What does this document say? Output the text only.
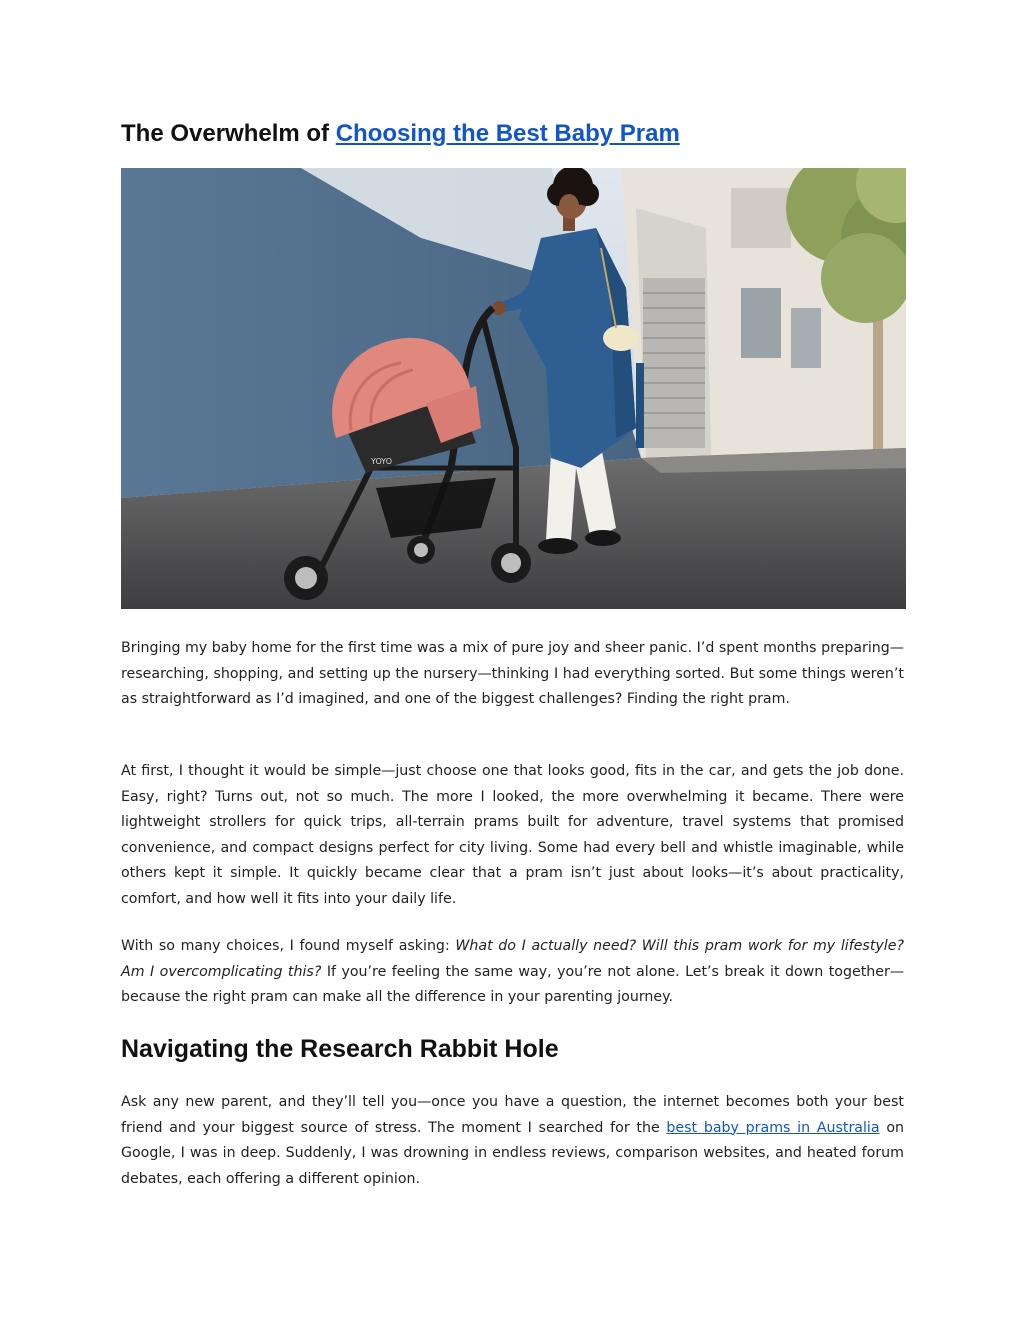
The Overwhelm of Choosing the Best Baby Pram
YOYO

Bringing my baby home for the first time was a mix of pure joy and sheer panic. I’d spent months preparing—researching, shopping, and setting up the nursery—thinking I had everything sorted. But some things weren’t as straightforward as I’d imagined, and one of the biggest challenges? Finding the right pram.

At first, I thought it would be simple—just choose one that looks good, fits in the car, and gets the job done. Easy, right? Turns out, not so much. The more I looked, the more overwhelming it became. There were lightweight strollers for quick trips, all-terrain prams built for adventure, travel systems that promised convenience, and compact designs perfect for city living. Some had every bell and whistle imaginable, while others kept it simple. It quickly became clear that a pram isn’t just about looks—it’s about practicality, comfort, and how well it fits into your daily life.

With so many choices, I found myself asking: What do I actually need? Will this pram work for my lifestyle? Am I overcomplicating this? If you’re feeling the same way, you’re not alone. Let’s break it down together—because the right pram can make all the difference in your parenting journey.

Navigating the Research Rabbit Hole

Ask any new parent, and they’ll tell you—once you have a question, the internet becomes both your best friend and your biggest source of stress. The moment I searched for the best baby prams in Australia on Google, I was in deep. Suddenly, I was drowning in endless reviews, comparison websites, and heated forum debates, each offering a different opinion.
